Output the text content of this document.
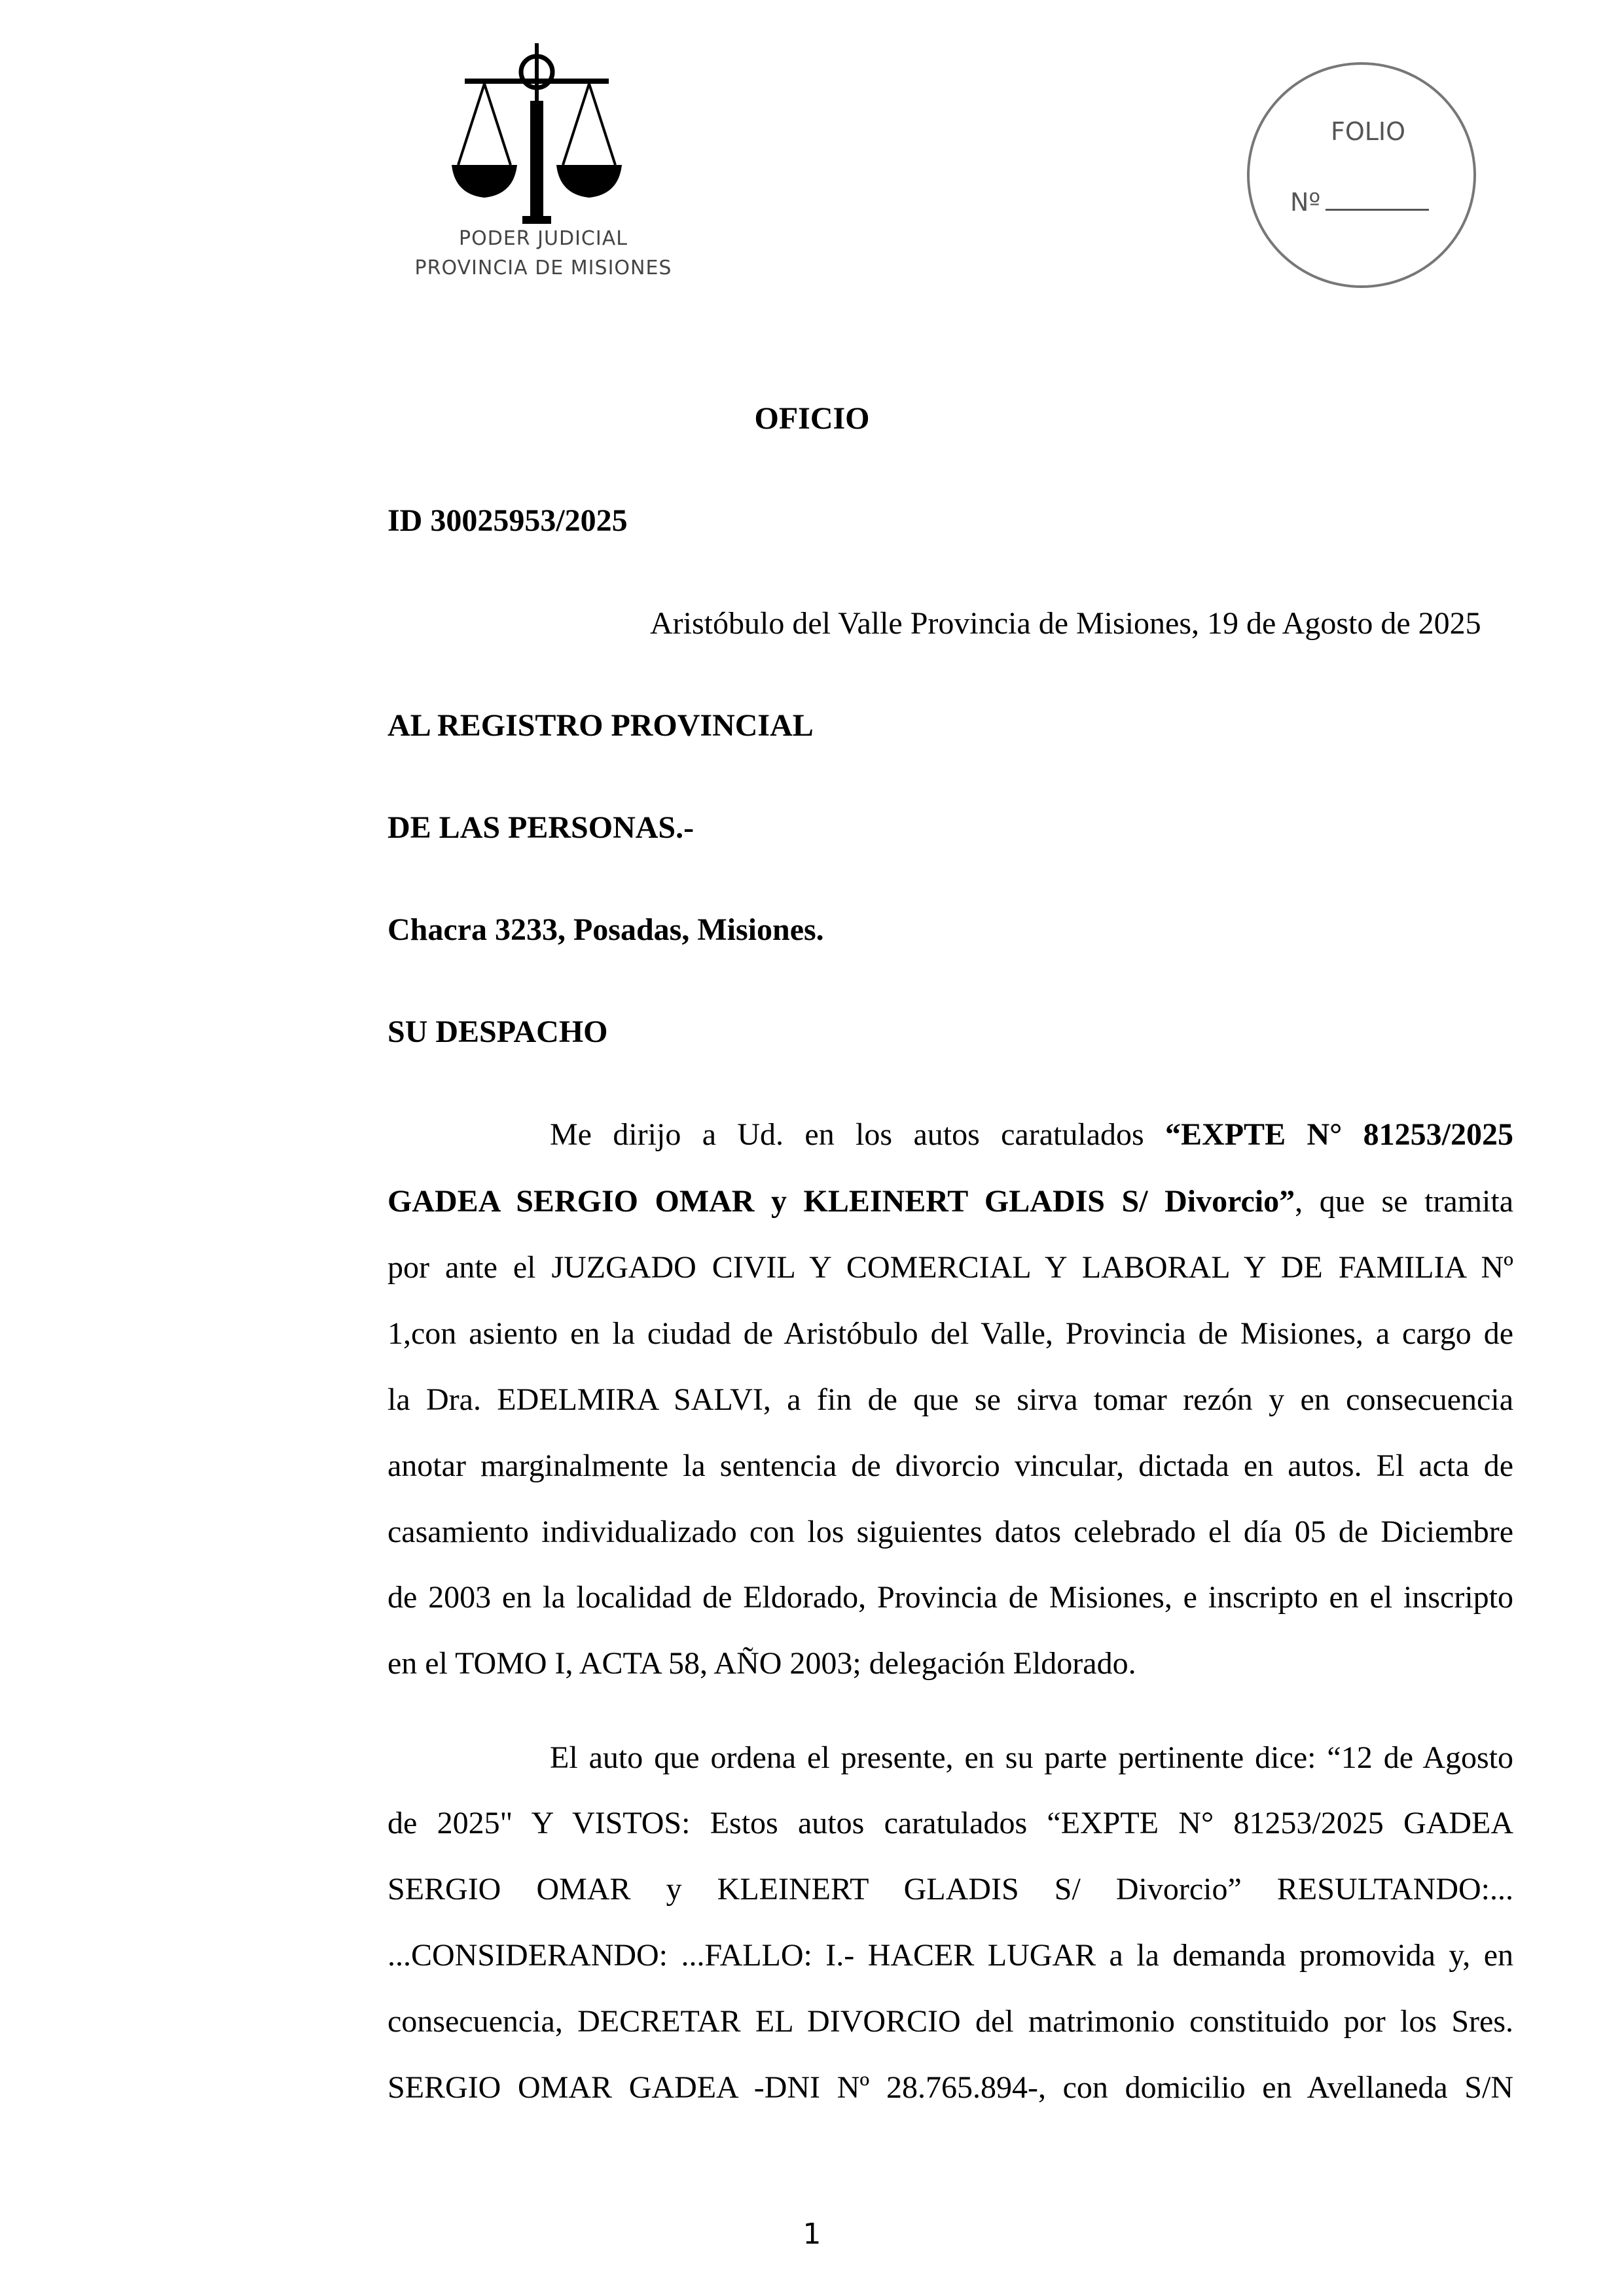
PODER JUDICIAL
PROVINCIA DE MISIONES
FOLIO
Nº
OFICIO
ID 30025953/2025
Aristóbulo del Valle Provincia de Misiones, 19 de Agosto de 2025
AL REGISTRO PROVINCIAL
DE LAS PERSONAS.-
Chacra 3233, Posadas, Misiones.
SU DESPACHO
Me dirijo a Ud. en los autos caratulados “EXPTE N° 81253/2025
GADEA SERGIO OMAR y KLEINERT GLADIS S/ Divorcio”, que se tramita
por ante el JUZGADO CIVIL Y COMERCIAL Y LABORAL Y DE FAMILIA Nº
1,con asiento en la ciudad de Aristóbulo del Valle, Provincia de Misiones, a cargo de
la Dra. EDELMIRA SALVI, a fin de que se sirva tomar rezón y en consecuencia
anotar marginalmente la sentencia de divorcio vincular, dictada en autos. El acta de
casamiento individualizado con los siguientes datos celebrado el día 05 de Diciembre
de 2003 en la localidad de Eldorado, Provincia de Misiones, e inscripto en el inscripto
en el TOMO I, ACTA 58, AÑO 2003; delegación Eldorado.
El auto que ordena el presente, en su parte pertinente dice: “12 de Agosto
de 2025" Y VISTOS: Estos autos caratulados “EXPTE N° 81253/2025 GADEA
SERGIO OMAR y KLEINERT GLADIS S/ Divorcio” RESULTANDO:...
...CONSIDERANDO: ...FALLO: I.- HACER LUGAR a la demanda promovida y, en
consecuencia, DECRETAR EL DIVORCIO del matrimonio constituido por los Sres.
SERGIO OMAR GADEA -DNI Nº 28.765.894-, con domicilio en Avellaneda S/N
1
